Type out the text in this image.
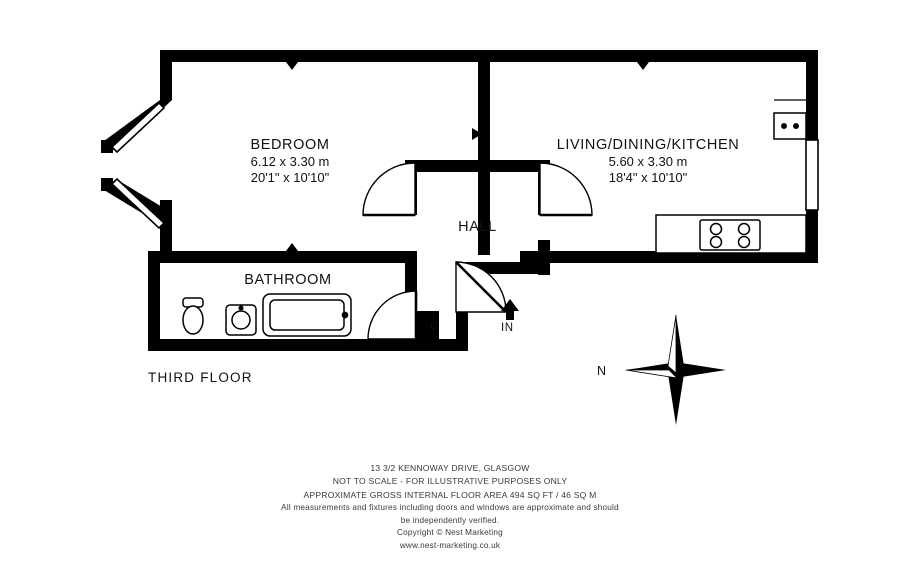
BEDROOM
6.12 x 3.30 m
20'1" x 10'10"
LIVING/DINING/KITCHEN
5.60 x 3.30 m
18'4" x 10'10"
HALL
BATHROOM
THIRD FLOOR
C	IN
N
13 3/2 KENNOWAY DRIVE, GLASGOW
NOT TO SCALE - FOR ILLUSTRATIVE PURPOSES ONLY
APPROXIMATE GROSS INTERNAL FLOOR AREA 494 SQ FT / 46 SQ M
All measurements and fixtures including doors and windows are approximate and should
be independently verified.
Copyright © Nest Marketing
www.nest-marketing.co.uk
